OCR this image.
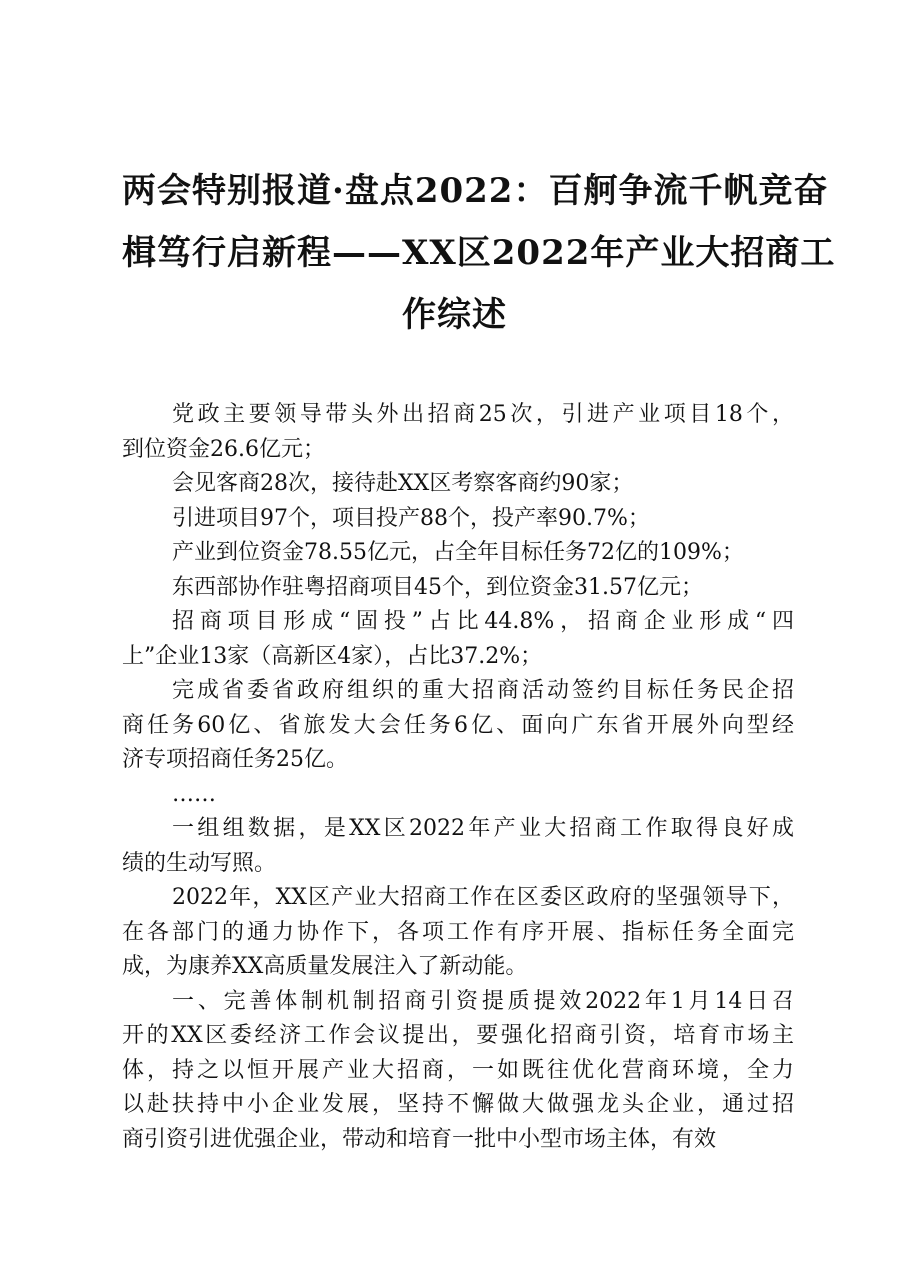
两会特别报道·盘点2022：百舸争流千帆竞奋
楫笃行启新程——XX区2022年产业大招商工
作综述

党政主要领导带头外出招商25次，引进产业项目18个，
到位资金26.6亿元；

会见客商28次，接待赴XX区考察客商约90家；

引进项目97个，项目投产88个，投产率90.7%；

产业到位资金78.55亿元，占全年目标任务72亿的109%；

东西部协作驻粤招商项目45个，到位资金31.57亿元；

招商项目形成“固投”占比44.8%，招商企业形成“四
上”企业13家（高新区4家），占比37.2%；

完成省委省政府组织的重大招商活动签约目标任务民企招
商任务60亿、省旅发大会任务6亿、面向广东省开展外向型经
济专项招商任务25亿。

……

一组组数据，是XX区2022年产业大招商工作取得良好成
绩的生动写照。

2022年，XX区产业大招商工作在区委区政府的坚强领导下，
在各部门的通力协作下，各项工作有序开展、指标任务全面完
成，为康养XX高质量发展注入了新动能。

一、完善体制机制招商引资提质提效2022年1月14日召
开的XX区委经济工作会议提出，要强化招商引资，培育市场主
体，持之以恒开展产业大招商，一如既往优化营商环境，全力
以赴扶持中小企业发展，坚持不懈做大做强龙头企业，通过招
商引资引进优强企业，带动和培育一批中小型市场主体，有效
